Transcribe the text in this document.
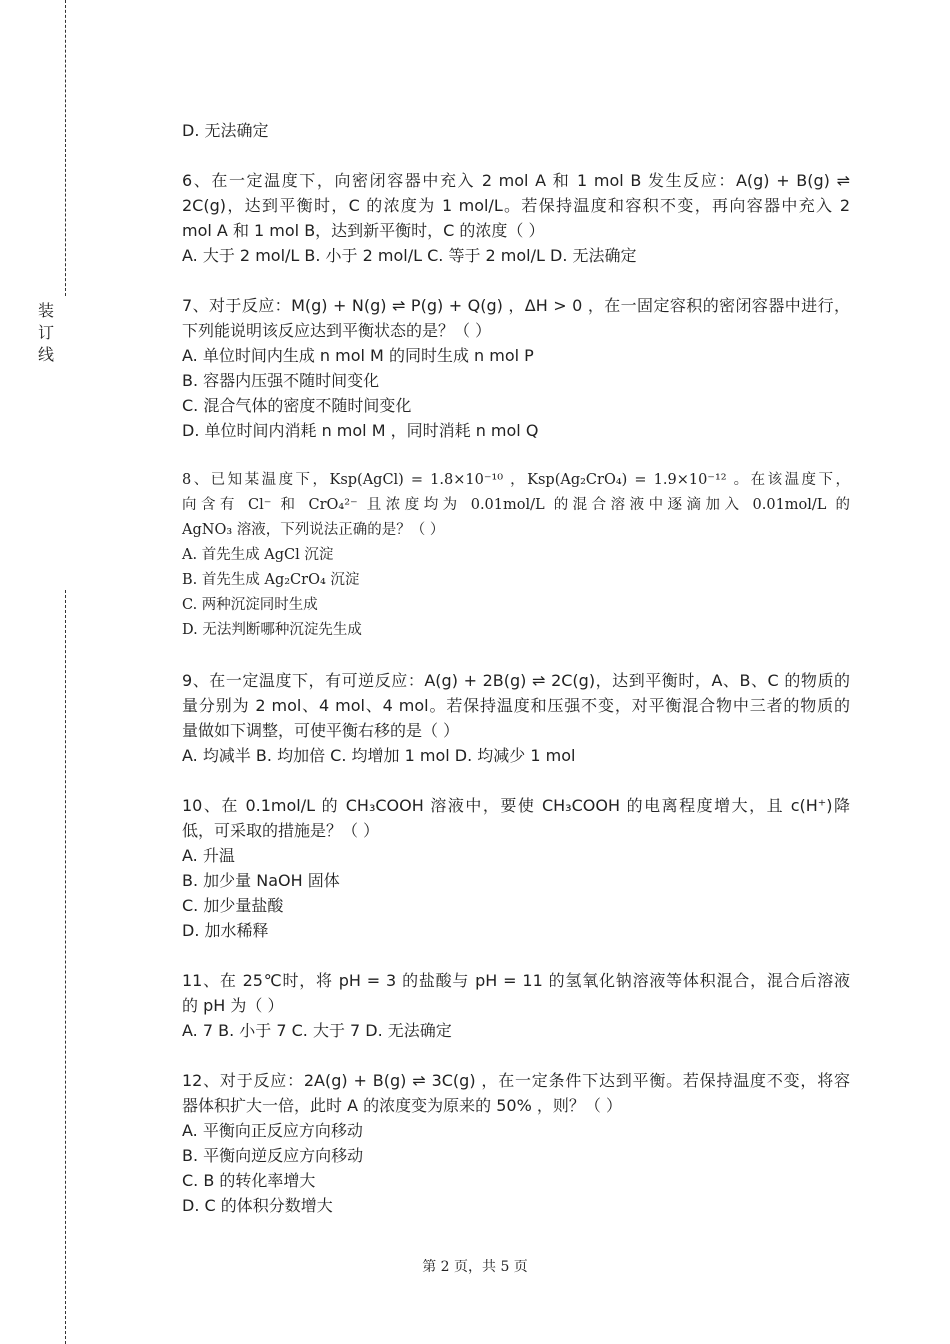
装
订
线
D. 无法确定
6、在一定温度下，向密闭容器中充入 2 mol A 和 1 mol B 发生反应：A(g) + B(g) ⇌
2C(g)，达到平衡时，C 的浓度为 1 mol/L。若保持温度和容积不变，再向容器中充入 2
mol A 和 1 mol B，达到新平衡时，C 的浓度（ ）
A. 大于 2 mol/L B. 小于 2 mol/L C. 等于 2 mol/L D. 无法确定
7、对于反应：M(g) + N(g) ⇌ P(g) + Q(g) ，ΔH > 0 ，在一固定容积的密闭容器中进行，
下列能说明该反应达到平衡状态的是？（ ）
A. 单位时间内生成 n mol M 的同时生成 n mol P
B. 容器内压强不随时间变化
C. 混合气体的密度不随时间变化
D. 单位时间内消耗 n mol M ，同时消耗 n mol Q
8、已知某温度下，Ksp(AgCl) = 1.8×10⁻¹⁰ ，Ksp(Ag₂CrO₄) = 1.9×10⁻¹² 。在该温度下，
向含有 Cl⁻ 和 CrO₄²⁻ 且浓度均为 0.01mol/L 的混合溶液中逐滴加入 0.01mol/L 的
AgNO₃ 溶液，下列说法正确的是？（ ）
A. 首先生成 AgCl 沉淀
B. 首先生成 Ag₂CrO₄ 沉淀
C. 两种沉淀同时生成
D. 无法判断哪种沉淀先生成
9、在一定温度下，有可逆反应：A(g) + 2B(g) ⇌ 2C(g)，达到平衡时，A、B、C 的物质的
量分别为 2 mol、4 mol、4 mol。若保持温度和压强不变，对平衡混合物中三者的物质的
量做如下调整，可使平衡右移的是（ ）
A. 均减半 B. 均加倍 C. 均增加 1 mol D. 均减少 1 mol
10、在 0.1mol/L 的 CH₃COOH 溶液中，要使 CH₃COOH 的电离程度增大，且 c(H⁺)降
低，可采取的措施是？（ ）
A. 升温
B. 加少量 NaOH 固体
C. 加少量盐酸
D. 加水稀释
11、在 25℃时，将 pH = 3 的盐酸与 pH = 11 的氢氧化钠溶液等体积混合，混合后溶液
的 pH 为（ ）
A. 7 B. 小于 7 C. 大于 7 D. 无法确定
12、对于反应：2A(g) + B(g) ⇌ 3C(g) ，在一定条件下达到平衡。若保持温度不变，将容
器体积扩大一倍，此时 A 的浓度变为原来的 50% ，则？（ ）
A. 平衡向正反应方向移动
B. 平衡向逆反应方向移动
C. B 的转化率增大
D. C 的体积分数增大
第 2 页，共 5 页
